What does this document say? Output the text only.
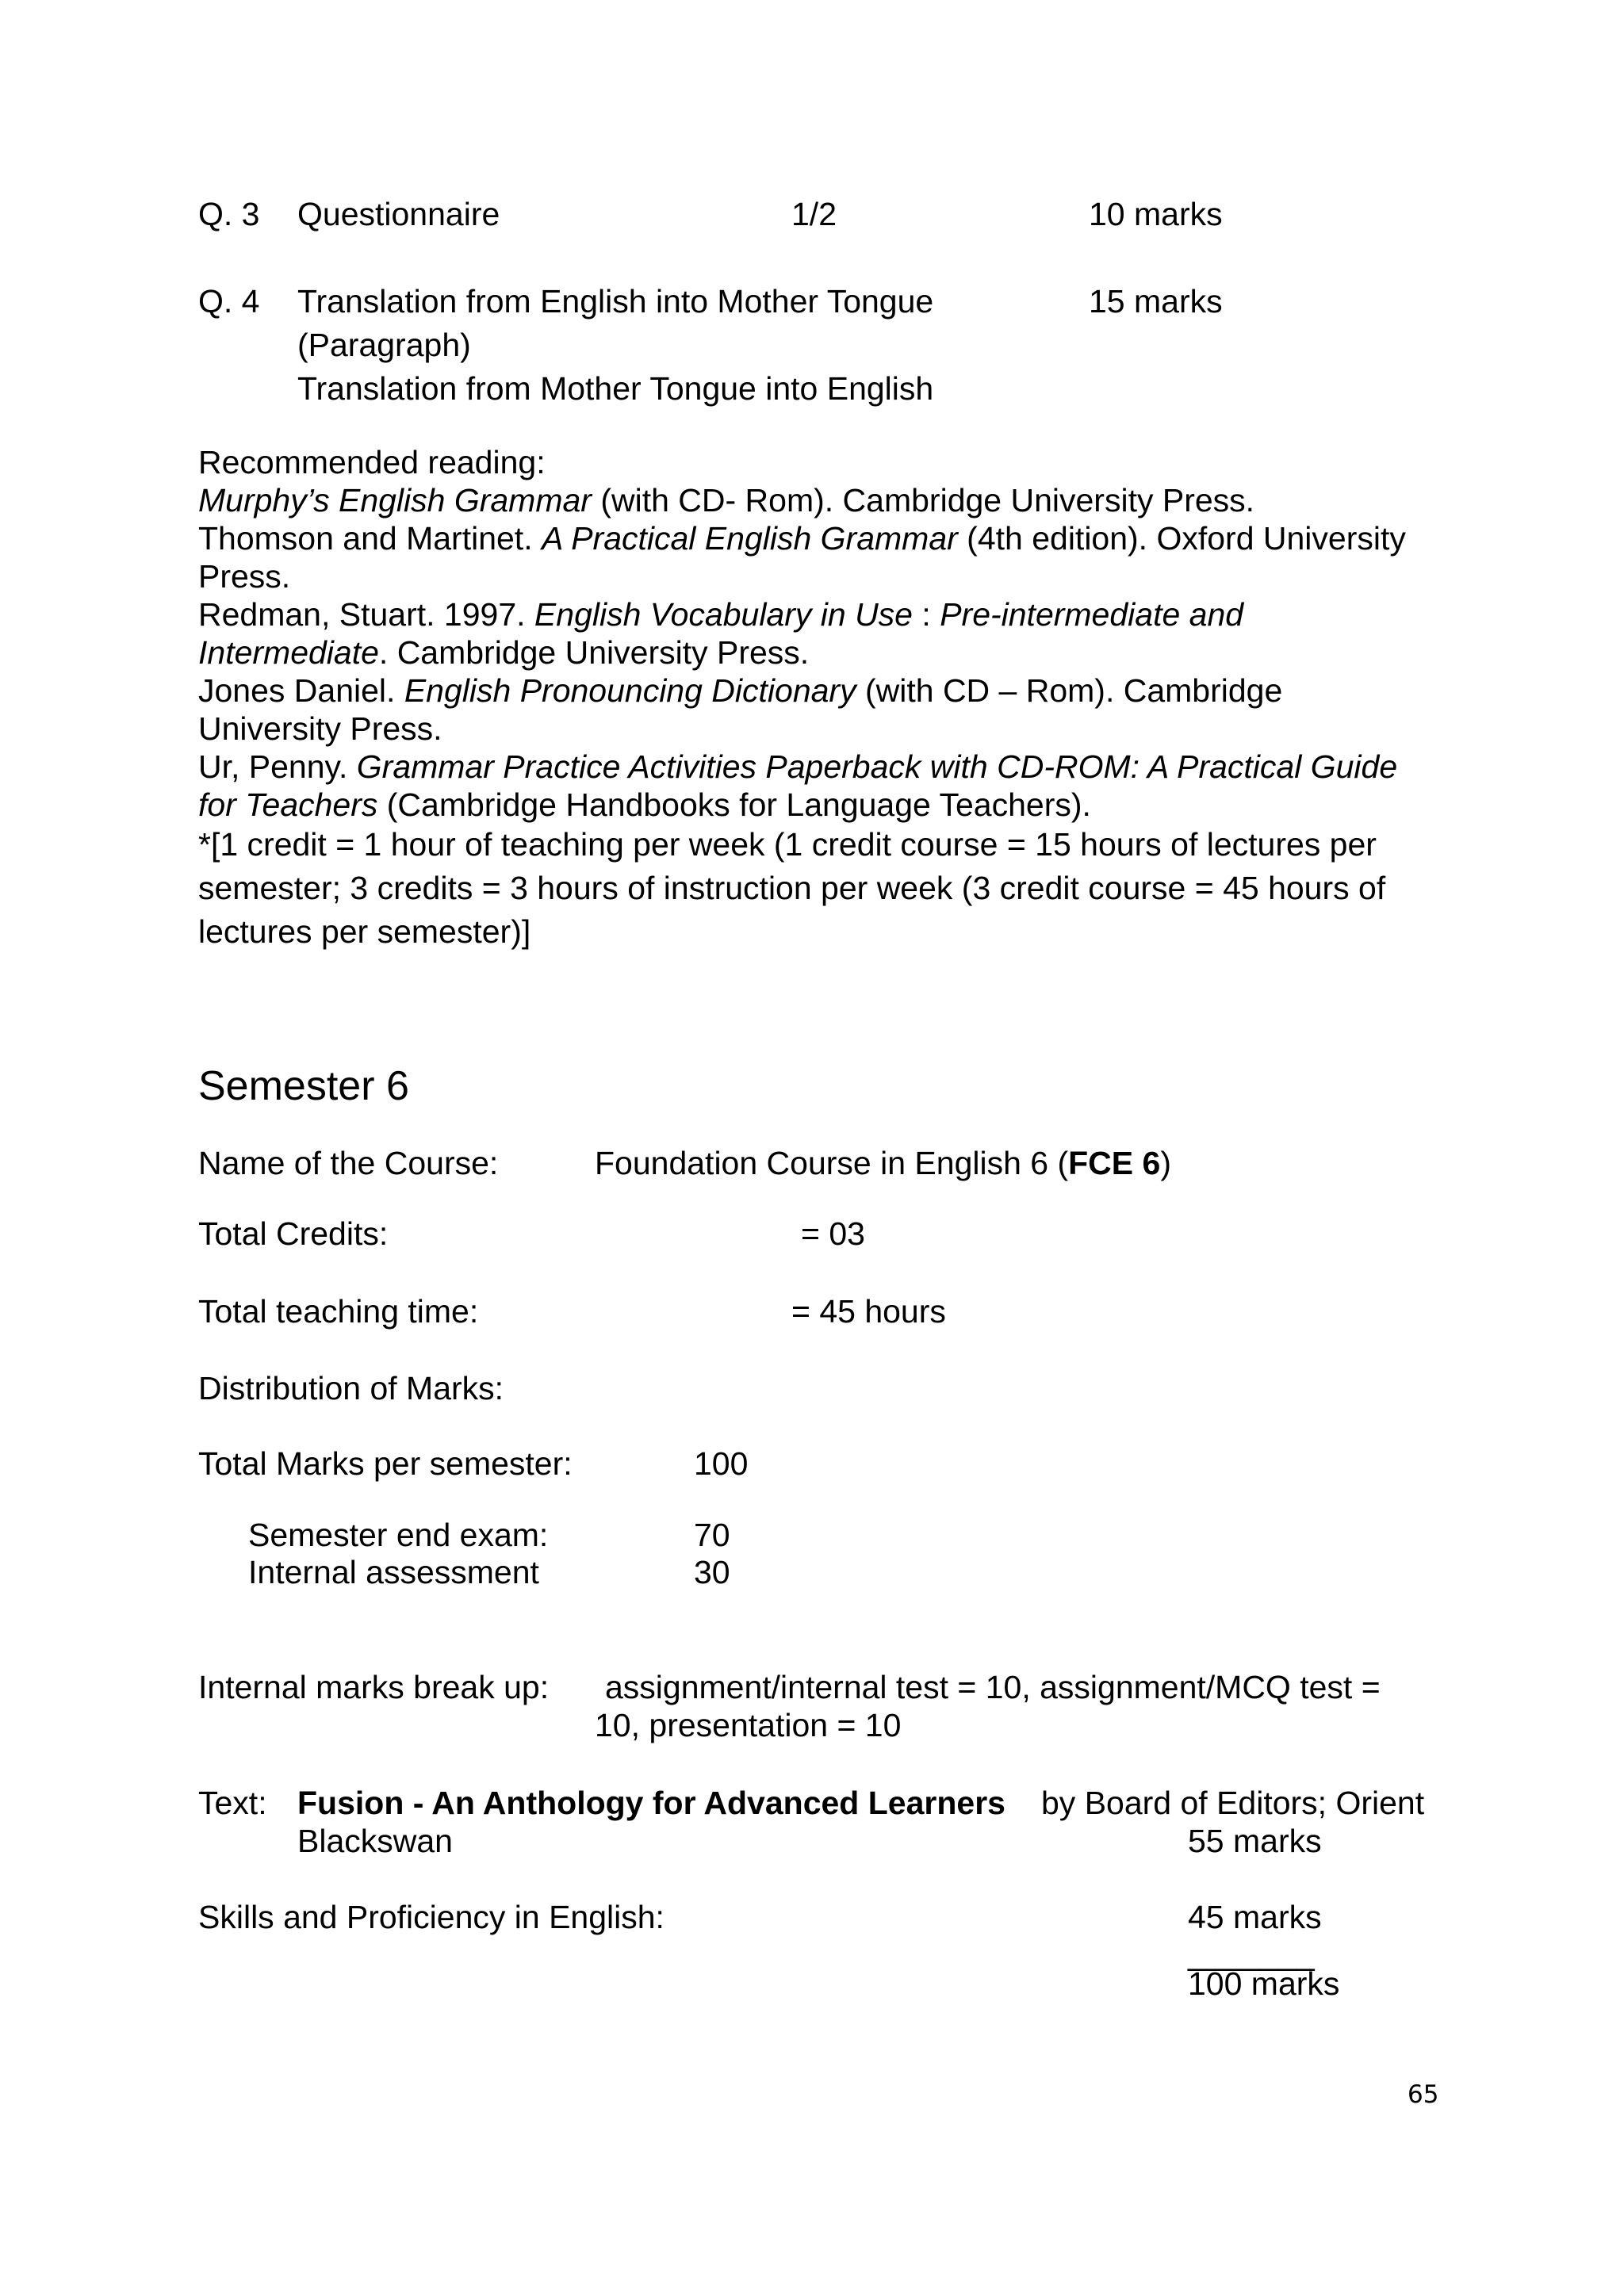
Q. 3 Questionnaire	1/2	10 marks
Q. 4 Translation from English into Mother Tongue	15 marks
(Paragraph)
Translation from Mother Tongue into English
Recommended reading:
Murphy’s English Grammar (with CD- Rom). Cambridge University Press.
Thomson and Martinet. A Practical English Grammar (4th edition). Oxford University
Press.
Redman, Stuart. 1997. English Vocabulary in Use : Pre-intermediate and
Intermediate. Cambridge University Press.
Jones Daniel. English Pronouncing Dictionary (with CD – Rom). Cambridge
University Press.
Ur, Penny. Grammar Practice Activities Paperback with CD-ROM: A Practical Guide
for Teachers (Cambridge Handbooks for Language Teachers).
*[1 credit = 1 hour of teaching per week (1 credit course = 15 hours of lectures per
semester; 3 credits = 3 hours of instruction per week (3 credit course = 45 hours of
lectures per semester)]
Semester 6
Name of the Course:	Foundation Course in English 6 (FCE 6)
Total Credits:	= 03
Total teaching time:	= 45 hours
Distribution of Marks:
Total Marks per semester:	100
Semester end exam:	70
Internal assessment	30
Internal marks break up: assignment/internal test = 10, assignment/MCQ test =
10, presentation = 10
Text: Fusion - An Anthology for Advanced Learners by Board of Editors; Orient
Blackswan	55 marks
Skills and Proficiency in English:	45 marks
_______
100 marks
65
